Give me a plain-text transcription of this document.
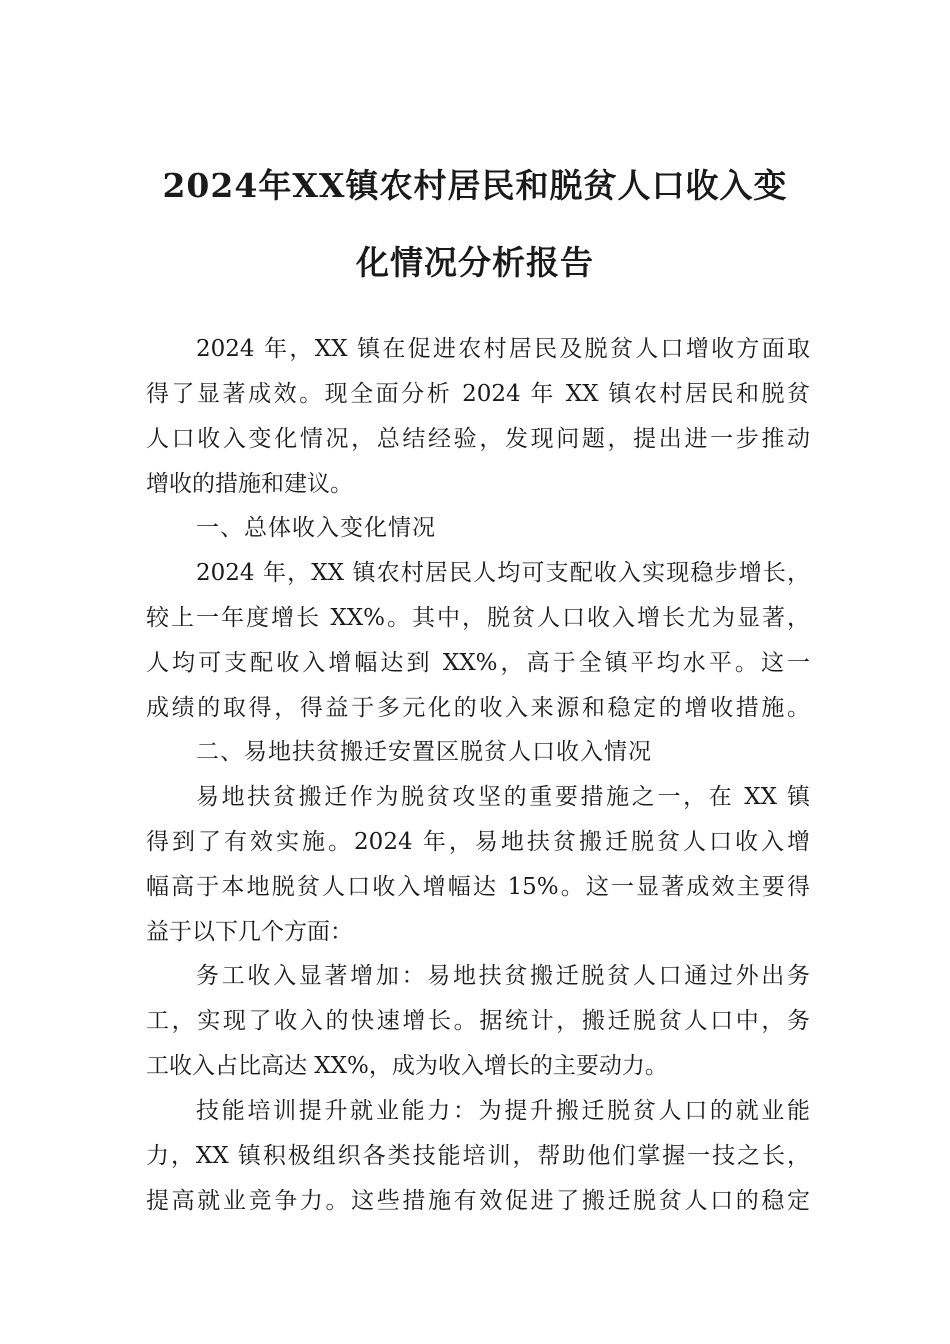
2024年XX镇农村居民和脱贫人口收入变
化情况分析报告
2024 年，XX 镇在促进农村居民及脱贫人口增收方面取
得了显著成效。现全面分析 2024 年 XX 镇农村居民和脱贫
人口收入变化情况，总结经验，发现问题，提出进一步推动
增收的措施和建议。
一、总体收入变化情况
2024 年，XX 镇农村居民人均可支配收入实现稳步增长，
较上一年度增长 XX%。其中，脱贫人口收入增长尤为显著，
人均可支配收入增幅达到 XX%，高于全镇平均水平。这一
成绩的取得，得益于多元化的收入来源和稳定的增收措施。
二、易地扶贫搬迁安置区脱贫人口收入情况
易地扶贫搬迁作为脱贫攻坚的重要措施之一，在 XX 镇
得到了有效实施。2024 年，易地扶贫搬迁脱贫人口收入增
幅高于本地脱贫人口收入增幅达 15%。这一显著成效主要得
益于以下几个方面：
务工收入显著增加：易地扶贫搬迁脱贫人口通过外出务
工，实现了收入的快速增长。据统计，搬迁脱贫人口中，务
工收入占比高达 XX%，成为收入增长的主要动力。
技能培训提升就业能力：为提升搬迁脱贫人口的就业能
力，XX 镇积极组织各类技能培训，帮助他们掌握一技之长，
提高就业竞争力。这些措施有效促进了搬迁脱贫人口的稳定
